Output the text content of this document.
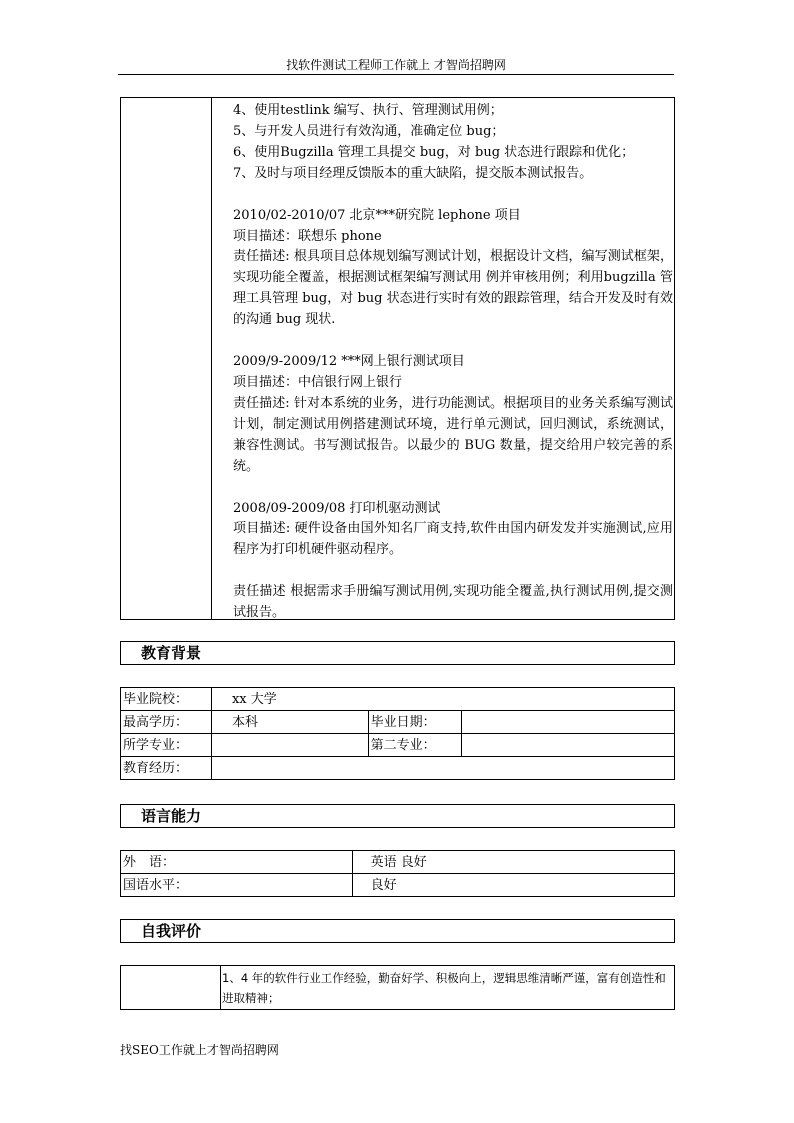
找软件测试工程师工作就上 才智尚招聘网
4、使用testlink 编写、执行、管理测试用例；
5、与开发人员进行有效沟通，准确定位 bug；
6、使用Bugzilla 管理工具提交 bug，对 bug 状态进行跟踪和优化；
7、及时与项目经理反馈版本的重大缺陷，提交版本测试报告。
2010/02-2010/07 北京***研究院 lephone 项目
项目描述：联想乐 phone
责任描述: 根具项目总体规划编写测试计划，根据设计文档，编写测试框架，实现功能全覆盖，根据测试框架编写测试用 例并审核用例；利用bugzilla 管理工具管理 bug，对 bug 状态进行实时有效的跟踪管理，结合开发及时有效的沟通 bug 现状.
2009/9-2009/12 ***网上银行测试项目
项目描述：中信银行网上银行
责任描述: 针对本系统的业务，进行功能测试。根据项目的业务关系编写测试计划，制定测试用例搭建测试环境，进行单元测试，回归测试，系统测试，兼容性测试。书写测试报告。以最少的 BUG 数量，提交给用户较完善的系统。
2008/09-2009/08 打印机驱动测试
项目描述: 硬件设备由国外知名厂商支持,软件由国内研发发并实施测试,应用程序为打印机硬件驱动程序。
责任描述 根据需求手册编写测试用例,实现功能全覆盖,执行测试用例,提交测试报告。
教育背景
毕业院校：	xx 大学		
最高学历：	本科	毕业日期：	
所学专业：		第二专业：	
教育经历：			
语言能力
外　语：	英语 良好
国语水平：	良好
自我评价
1、4 年的软件行业工作经验，勤奋好学、积极向上，逻辑思维清晰严谨，富有创造性和进取精神；
找SEO工作就上才智尚招聘网
